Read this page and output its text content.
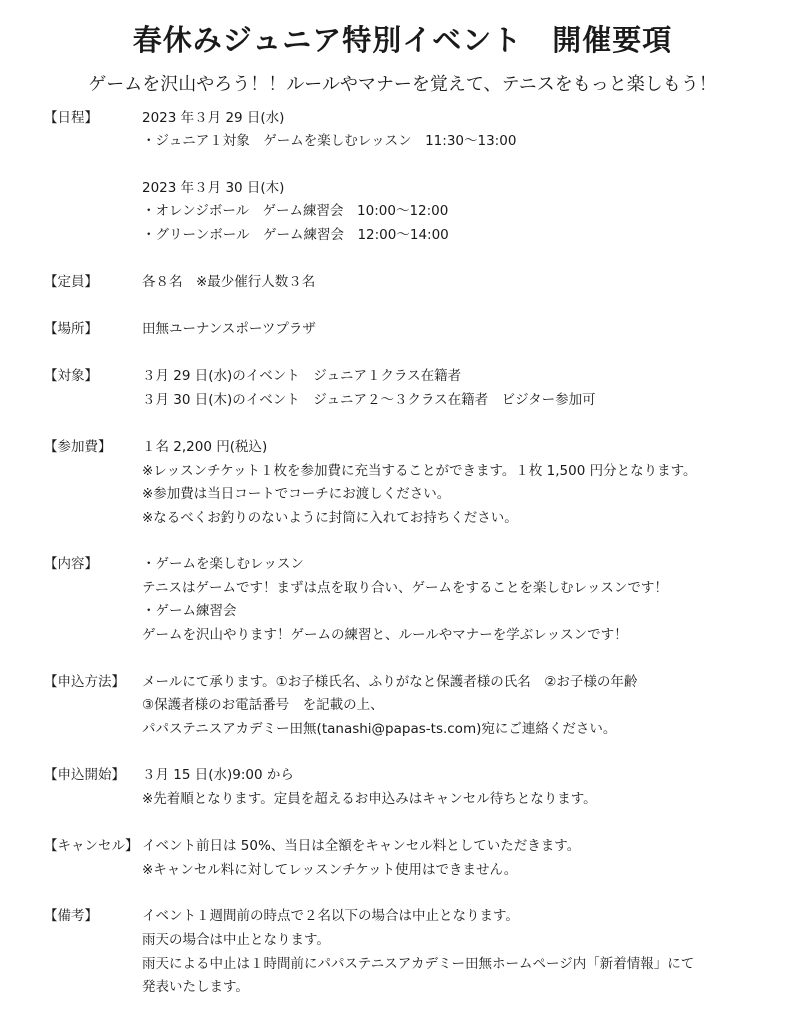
春休みジュニア特別イベント　開催要項
ゲームを沢山やろう！！ルールやマナーを覚えて、テニスをもっと楽しもう！
【日程】	2023 年３月 29 日(水)
・ジュニア１対象　ゲームを楽しむレッスン　11:30〜13:00
2023 年３月 30 日(木)
・オレンジボール　ゲーム練習会　10:00〜12:00
・グリーンボール　ゲーム練習会　12:00〜14:00
【定員】	各８名　※最少催行人数３名
【場所】	田無ユーナンスポーツプラザ
【対象】	３月 29 日(水)のイベント　ジュニア１クラス在籍者
３月 30 日(木)のイベント　ジュニア２〜３クラス在籍者　ビジター参加可
【参加費】 １名 2,200 円(税込)
※レッスンチケット１枚を参加費に充当することができます。１枚 1,500 円分となります。
※参加費は当日コートでコーチにお渡しください。
※なるべくお釣りのないように封筒に入れてお持ちください。
【内容】	・ゲームを楽しむレッスン
テニスはゲームです！まずは点を取り合い、ゲームをすることを楽しむレッスンです！
・ゲーム練習会
ゲームを沢山やります！ゲームの練習と、ルールやマナーを学ぶレッスンです！
【申込方法】 メールにて承ります。①お子様氏名、ふりがなと保護者様の氏名　②お子様の年齢
③保護者様のお電話番号　を記載の上、
パパステニスアカデミー田無(tanashi@papas-ts.com)宛にご連絡ください。
【申込開始】 ３月 15 日(水)9:00 から
※先着順となります。定員を超えるお申込みはキャンセル待ちとなります。
【キャンセル】 イベント前日は 50%、当日は全額をキャンセル料としていただきます。
※キャンセル料に対してレッスンチケット使用はできません。
【備考】	イベント１週間前の時点で２名以下の場合は中止となります。
雨天の場合は中止となります。
雨天による中止は１時間前にパパステニスアカデミー田無ホームページ内「新着情報」にて
発表いたします。
